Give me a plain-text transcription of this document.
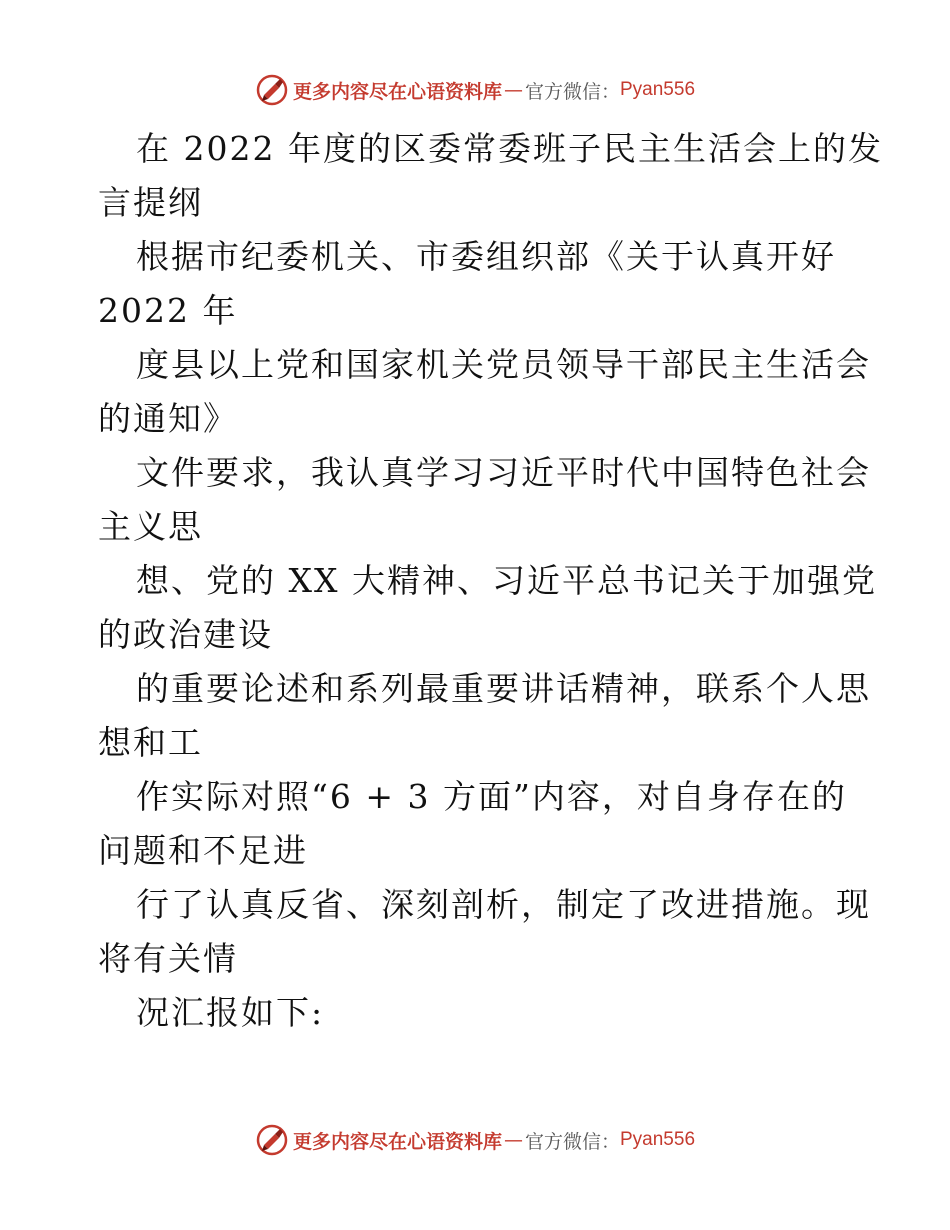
更多内容尽在心语资料库 — 官方微信： Pyan556
在 2022 年度的区委常委班子民主生活会上的发
言提纲
根据市纪委机关、市委组织部《关于认真开好
2022 年
度县以上党和国家机关党员领导干部民主生活会
的通知》
文件要求，我认真学习习近平时代中国特色社会
主义思
想、党的 XX 大精神、习近平总书记关于加强党
的政治建设
的重要论述和系列最重要讲话精神，联系个人思
想和工
作实际对照“6 + 3 方面”内容，对自身存在的
问题和不足进
行了认真反省、深刻剖析，制定了改进措施。现
将有关情
况汇报如下:
更多内容尽在心语资料库 — 官方微信： Pyan556
